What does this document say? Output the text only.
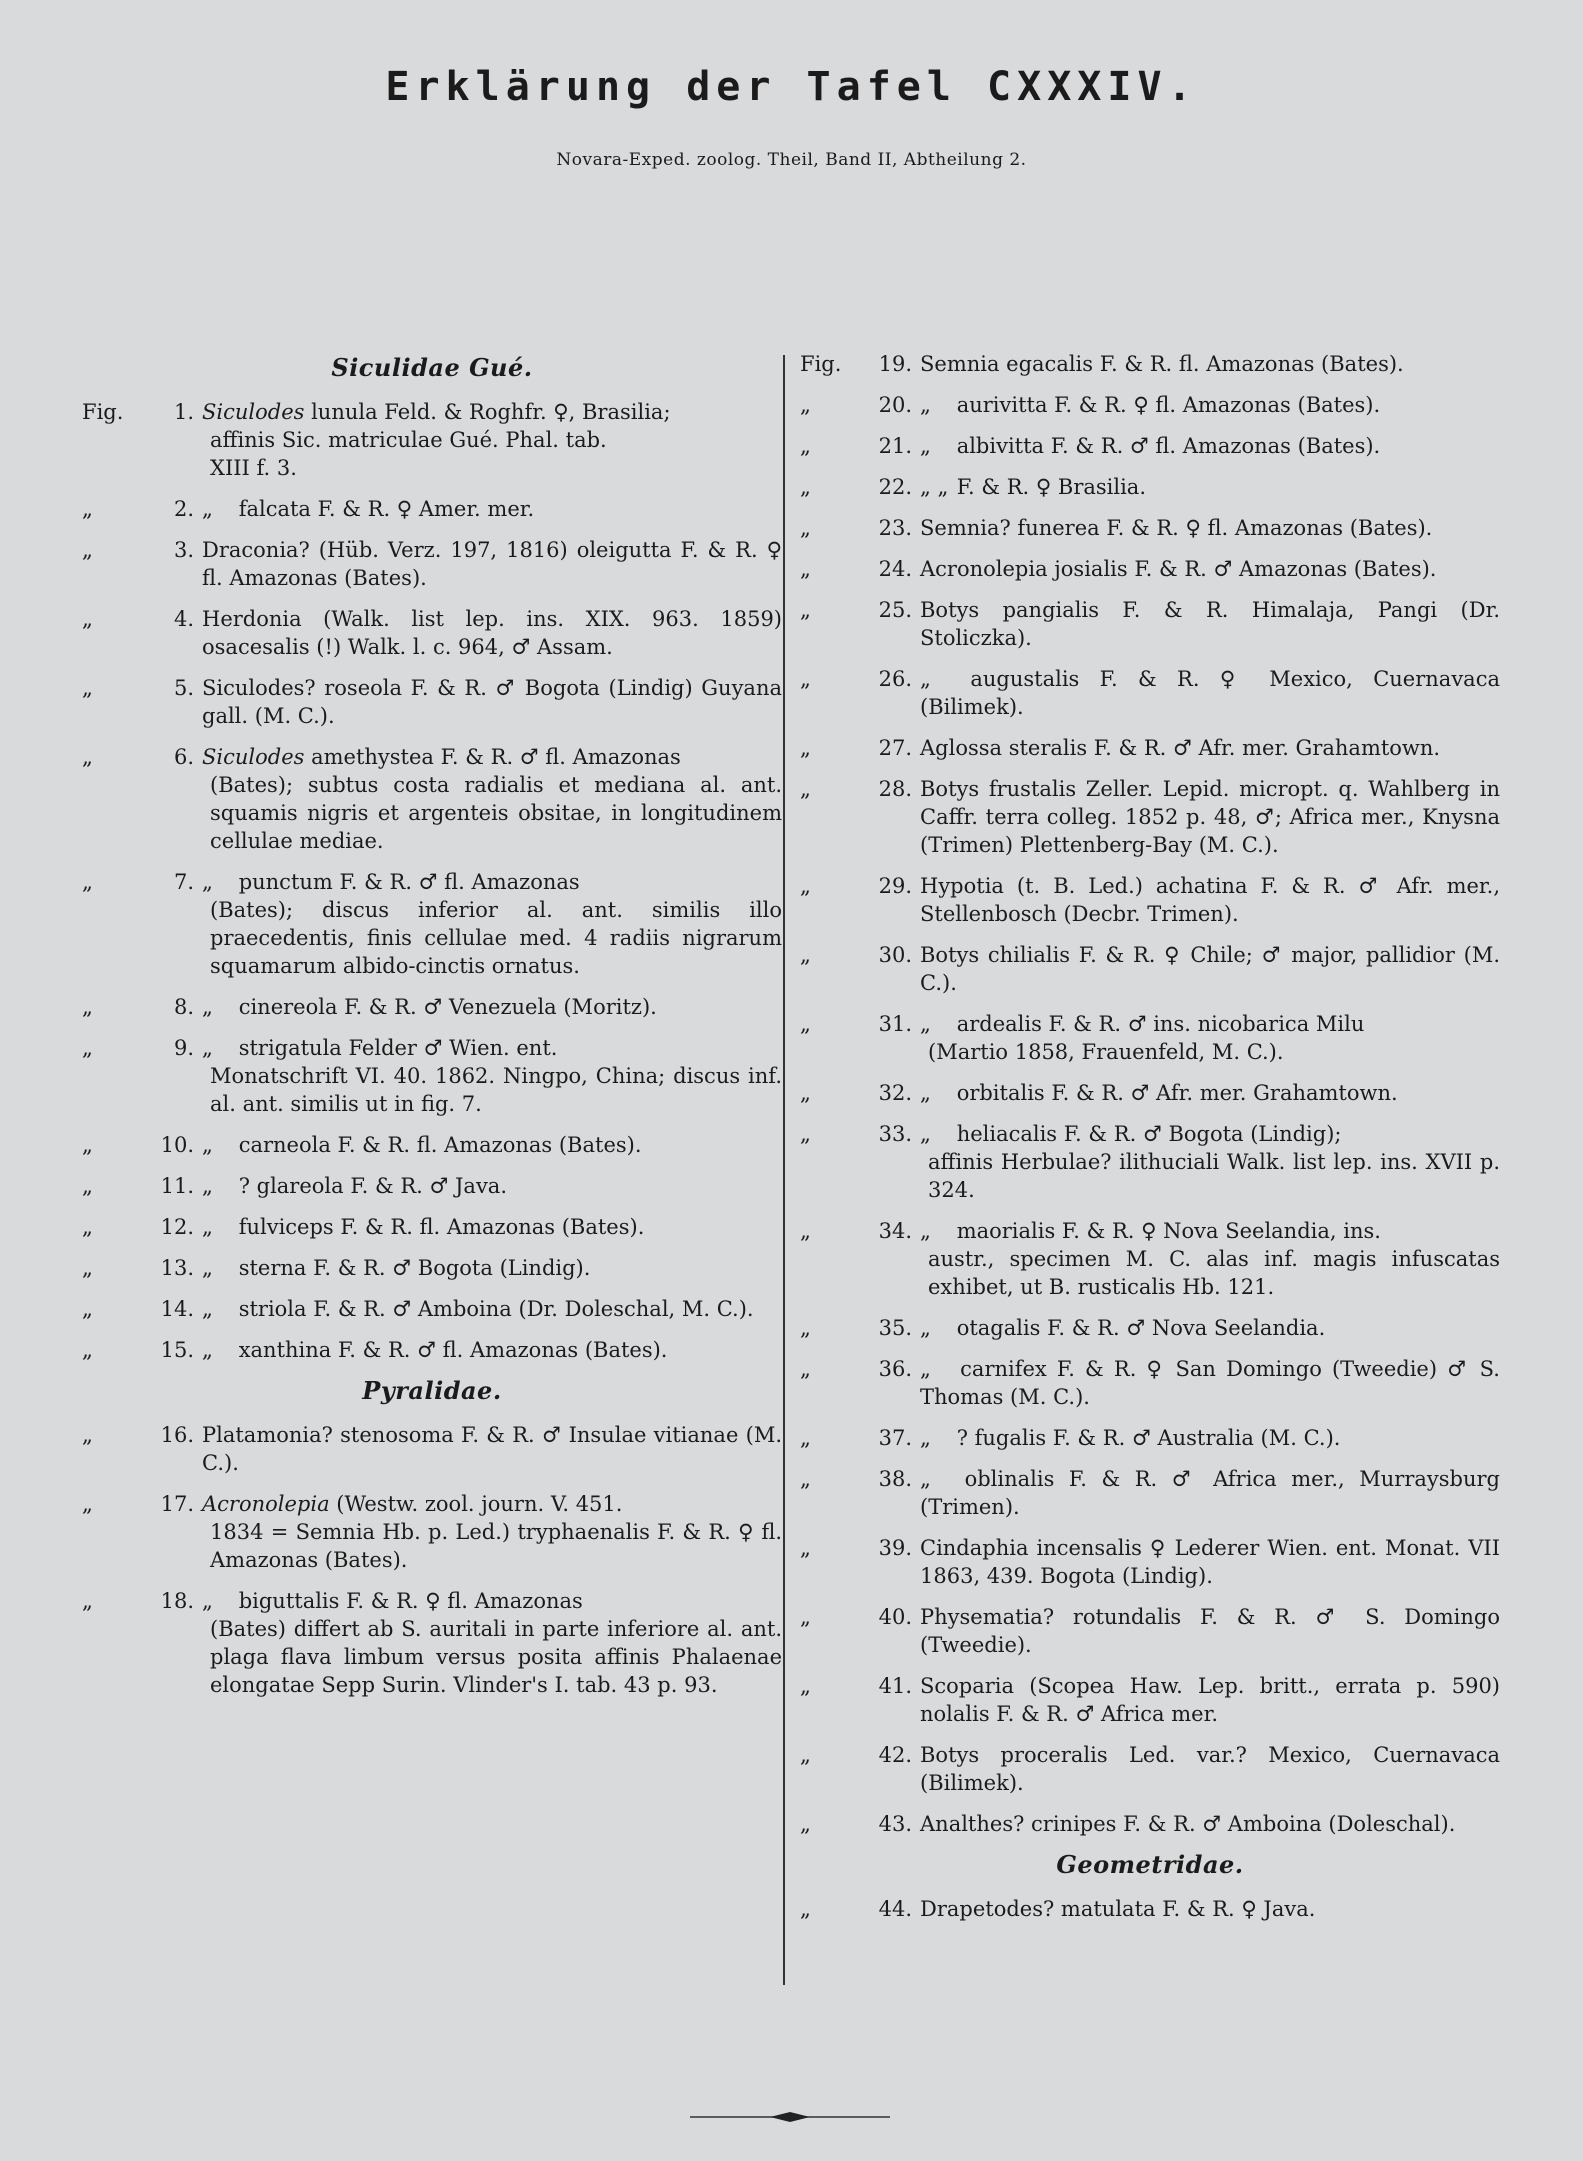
Erklärung der Tafel CXXXIV.
Novara-Exped. zoolog. Theil, Band II, Abtheilung 2.
Siculidae Gué.
Fig.	1. Siculodes lunula Feld. & Roghfr. ♀, Brasilia;

affinis Sic. matriculae Gué. Phal. tab.

XIII f. 3.

„	2. „ falcata F. & R. ♀ Amer. mer.

„	3. Draconia? (Hüb. Verz. 197, 1816) oleigutta F. & R. ♀ fl. Amazonas (Bates).

„	4. Herdonia (Walk. list lep. ins. XIX. 963. 1859) osacesalis (!) Walk. l. c. 964, ♂ Assam.

„	5. Siculodes? roseola F. & R. ♂ Bogota (Lindig) Guyana gall. (M. C.).

„	6. Siculodes amethystea F. & R. ♂ fl. Amazonas

(Bates); subtus costa radialis et mediana al. ant. squamis nigris et argenteis obsitae, in longitudinem cellulae mediae.

„	7. „ punctum F. & R. ♂ fl. Amazonas

(Bates); discus inferior al. ant. similis illo praecedentis, finis cellulae med. 4 radiis nigrarum squamarum albido-cinctis ornatus.

„	8. „ cinereola F. & R. ♂ Venezuela (Moritz).

„	9. „ strigatula Felder ♂ Wien. ent.

Monatschrift VI. 40. 1862. Ningpo, China; discus inf. al. ant. similis ut in fig. 7.

„	10. „ carneola F. & R. fl. Amazonas (Bates).

„	11. „ ? glareola F. & R. ♂ Java.

„	12. „ fulviceps F. & R. fl. Amazonas (Bates).

„	13. „ sterna F. & R. ♂ Bogota (Lindig).

„	14. „ striola F. & R. ♂ Amboina (Dr. Doleschal, M. C.).

„	15. „ xanthina F. & R. ♂ fl. Amazonas (Bates).

Pyralidae.
„	16. Platamonia? stenosoma F. & R. ♂ Insulae vitianae (M. C.).

„	17. Acronolepia (Westw. zool. journ. V. 451.

1834 = Semnia Hb. p. Led.) tryphaenalis F. & R. ♀ fl. Amazonas (Bates).

„	18. „ biguttalis F. & R. ♀ fl. Amazonas

(Bates) differt ab S. auritali in parte inferiore al. ant. plaga flava limbum versus posita affinis Phalaenae elongatae Sepp Surin. Vlinder's I. tab. 43 p. 93.

Fig.	19. Semnia egacalis F. & R. fl. Amazonas (Bates).

„	20. „ aurivitta F. & R. ♀ fl. Amazonas (Bates).

„	21. „ albivitta F. & R. ♂ fl. Amazonas (Bates).

„	22. „ „ F. & R. ♀ Brasilia.

„	23. Semnia? funerea F. & R. ♀ fl. Amazonas (Bates).

„	24. Acronolepia josialis F. & R. ♂ Amazonas (Bates).

„	25. Botys pangialis F. & R. Himalaja, Pangi (Dr. Stoliczka).

„	26. „ augustalis F. & R. ♀ Mexico, Cuernavaca (Bilimek).

„	27. Aglossa steralis F. & R. ♂ Afr. mer. Grahamtown.

„	28. Botys frustalis Zeller. Lepid. micropt. q. Wahlberg in Caffr. terra colleg. 1852 p. 48, ♂; Africa mer., Knysna (Trimen) Plettenberg-Bay (M. C.).

„	29. Hypotia (t. B. Led.) achatina F. & R. ♂ Afr. mer., Stellenbosch (Decbr. Trimen).

„	30. Botys chilialis F. & R. ♀ Chile; ♂ major, pallidior (M. C.).

„	31. „ ardealis F. & R. ♂ ins. nicobarica Milu

(Martio 1858, Frauenfeld, M. C.).

„	32. „ orbitalis F. & R. ♂ Afr. mer. Grahamtown.

„	33. „ heliacalis F. & R. ♂ Bogota (Lindig);

affinis Herbulae? ilithuciali Walk. list lep. ins. XVII p. 324.

„	34. „ maorialis F. & R. ♀ Nova Seelandia, ins.

austr., specimen M. C. alas inf. magis infuscatas exhibet, ut B. rusticalis Hb. 121.

„	35. „ otagalis F. & R. ♂ Nova Seelandia.

„	36. „ carnifex F. & R. ♀ San Domingo (Tweedie) ♂ S. Thomas (M. C.).

„	37. „ ? fugalis F. & R. ♂ Australia (M. C.).

„	38. „ oblinalis F. & R. ♂ Africa mer., Murraysburg (Trimen).

„	39. Cindaphia incensalis ♀ Lederer Wien. ent. Monat. VII 1863, 439. Bogota (Lindig).

„	40. Physematia? rotundalis F. & R. ♂ S. Domingo (Tweedie).

„	41. Scoparia (Scopea Haw. Lep. britt., errata p. 590) nolalis F. & R. ♂ Africa mer.

„	42. Botys proceralis Led. var.? Mexico, Cuernavaca (Bilimek).

„	43. Analthes? crinipes F. & R. ♂ Amboina (Doleschal).

Geometridae.
„	44. Drapetodes? matulata F. & R. ♀ Java.
